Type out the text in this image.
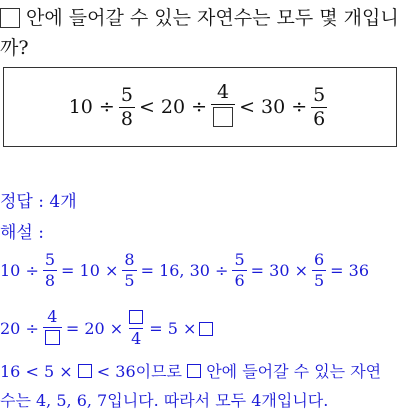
안에 들어갈 수 있는 자연수는 모두 몇 개입니
까?
$10 \div \frac{5}{8} < 20$ ÷
4
< $30 \div \frac{5}{6}$
정답 : 4개
해설 :
$10 \div \frac{5}{8} = 10 \times \frac{8}{5} = 16$, $30 \div \frac{5}{6} = 30 \times \frac{6}{5} = 36$
20 ÷
4
= 20 ×
4
= 5 ×
16 < 5 × < 36이므로 안에 들어갈 수 있는 자연
수는 4, 5, 6, 7입니다. 따라서 모두 4개입니다.
